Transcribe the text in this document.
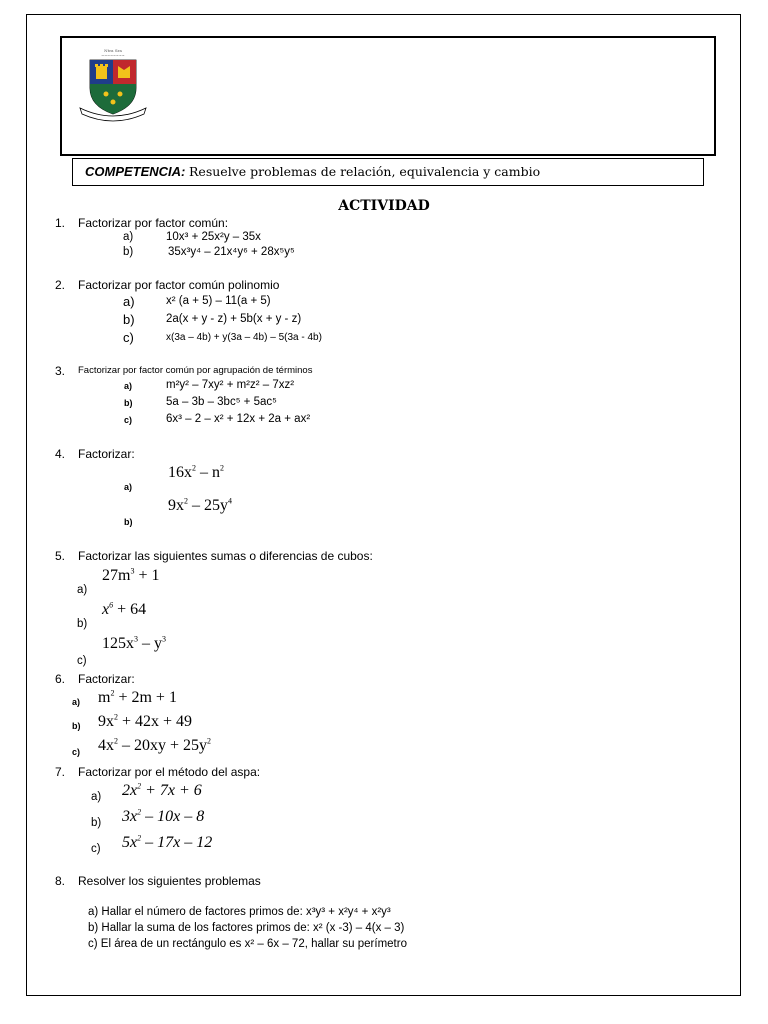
Ntra Sra
~~~~~~~~
COMPETENCIA: Resuelve problemas de relación, equivalencia y cambio
ACTIVIDAD
1. Factorizar por factor común:
a)	10x³ + 25x²y – 35x
b)	35x³y⁴ – 21x⁴y⁶ + 28x⁵y⁵
2. Factorizar por factor común polinomio
a)	x² (a + 5) – 11(a + 5)
b)	2a(x + y - z) + 5b(x + y - z)
c)	x(3a – 4b) + y(3a – 4b) – 5(3a - 4b)
3. Factorizar por factor común por agrupación de términos
a)	m²y² – 7xy² + m²z² – 7xz²
b)	5a – 3b – 3bc⁵ + 5ac⁵
c)	6x³ – 2 – x² + 12x + 2a + ax²
4. Factorizar:
$16x^2 - n^2$
a)
$9x^2 - 25y^4$
b)
5. Factorizar las siguientes sumas o diferencias de cubos:
$27m^3 + 1$
a)
$x^6 + 64$
b)
$125x^3 - y^3$
c)
6. Factorizar:
a) $m^2 + 2m + 1$
b) $9x^2 + 42x + 49$
c) $4x^2 - 20xy + 25y^2$
7. Factorizar por el método del aspa:
a) $2x^2 + 7x + 6$
b) $3x^2 - 10x - 8$
c) $5x^2 - 17x - 12$
8. Resolver los siguientes problemas
a) Hallar el número de factores primos de: x³y³ + x²y⁴ + x²y³
b) Hallar la suma de los factores primos de: x² (x -3) – 4(x – 3)
c) El área de un rectángulo es x² – 6x – 72, hallar su perímetro
